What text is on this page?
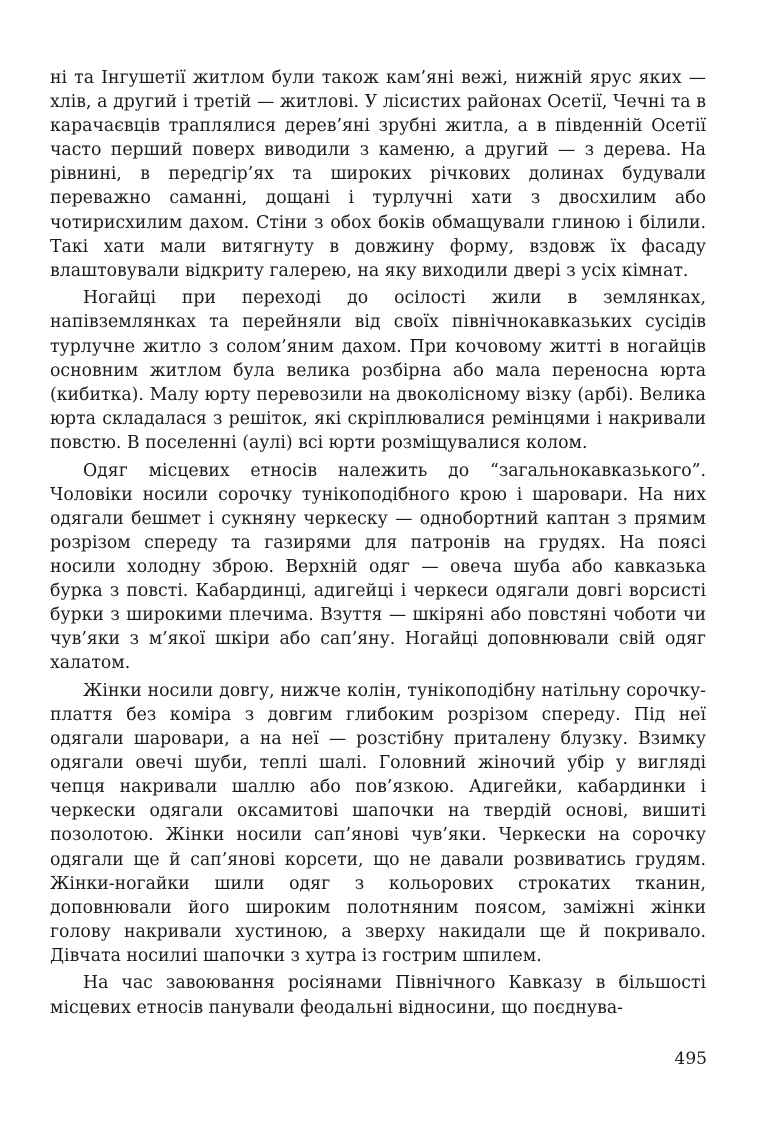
ні та Інгушетії житлом були також кам’яні вежі, нижній ярус яких — хлів, а другий і третій — житлові. У лісистих районах Осетії, Чечні та в карачаєвців траплялися дерев’яні зрубні житла, а в південній Осетії часто перший поверх виводили з каменю, а другий — з дерева. На рівнині, в передгір’ях та широких річкових долинах будували переважно саманні, дощані і турлучні хати з двосхилим або чотирисхилим дахом. Стіни з обох боків обмащували глиною і білили. Такі хати мали витягнуту в довжину форму, вздовж їх фасаду влаштовували відкриту галерею, на яку виходили двері з усіх кімнат.

Ногайці при переході до осілості жили в землянках, напівземлянках та перейняли від своїх північнокавказьких сусідів турлучне житло з солом’яним дахом. При кочовому житті в ногайців основним житлом була велика розбірна або мала переносна юрта (кибитка). Малу юрту перевозили на двоколісному візку (арбі). Велика юрта складалася з решіток, які скріплювалися ремінцями і накривали повстю. В поселенні (аулі) всі юрти розміщувалися колом.

Одяг місцевих етносів належить до “загальнокавказького”. Чоловіки носили сорочку тунікоподібного крою і шаровари. На них одягали бешмет і сукняну черкеску — однобортний каптан з прямим розрізом спереду та газирями для патронів на грудях. На поясі носили холодну зброю. Верхній одяг — овеча шуба або кавказька бурка з повсті. Кабардинці, адигейці і черкеси одягали довгі ворсисті бурки з широкими плечима. Взуття — шкіряні або повстяні чоботи чи чув’яки з м’якої шкіри або сап’яну. Ногайці доповнювали свій одяг халатом.

Жінки носили довгу, нижче колін, тунікоподібну натільну сорочку-плаття без коміра з довгим глибоким розрізом спереду. Під неї одягали шаровари, а на неї — розстібну приталену блузку. Взимку одягали овечі шуби, теплі шалі. Головний жіночий убір у вигляді чепця накривали шаллю або пов’язкою. Адигейки, кабардинки і черкески одягали оксамитові шапочки на твердій основі, вишиті позолотою. Жінки носили сап’янові чув’яки. Черкески на сорочку одягали ще й сап’янові корсети, що не давали розвиватись грудям. Жінки-ногайки шили одяг з кольорових строкатих тканин, доповнювали його широким полотняним поясом, заміжні жінки голову накривали хустиною, а зверху накидали ще й покривало. Дівчата носилиі шапочки з хутра із гострим шпилем.

На час завоювання росіянами Північного Кавказу в більшості місцевих етносів панували феодальні відносини, що поєднува-

495
